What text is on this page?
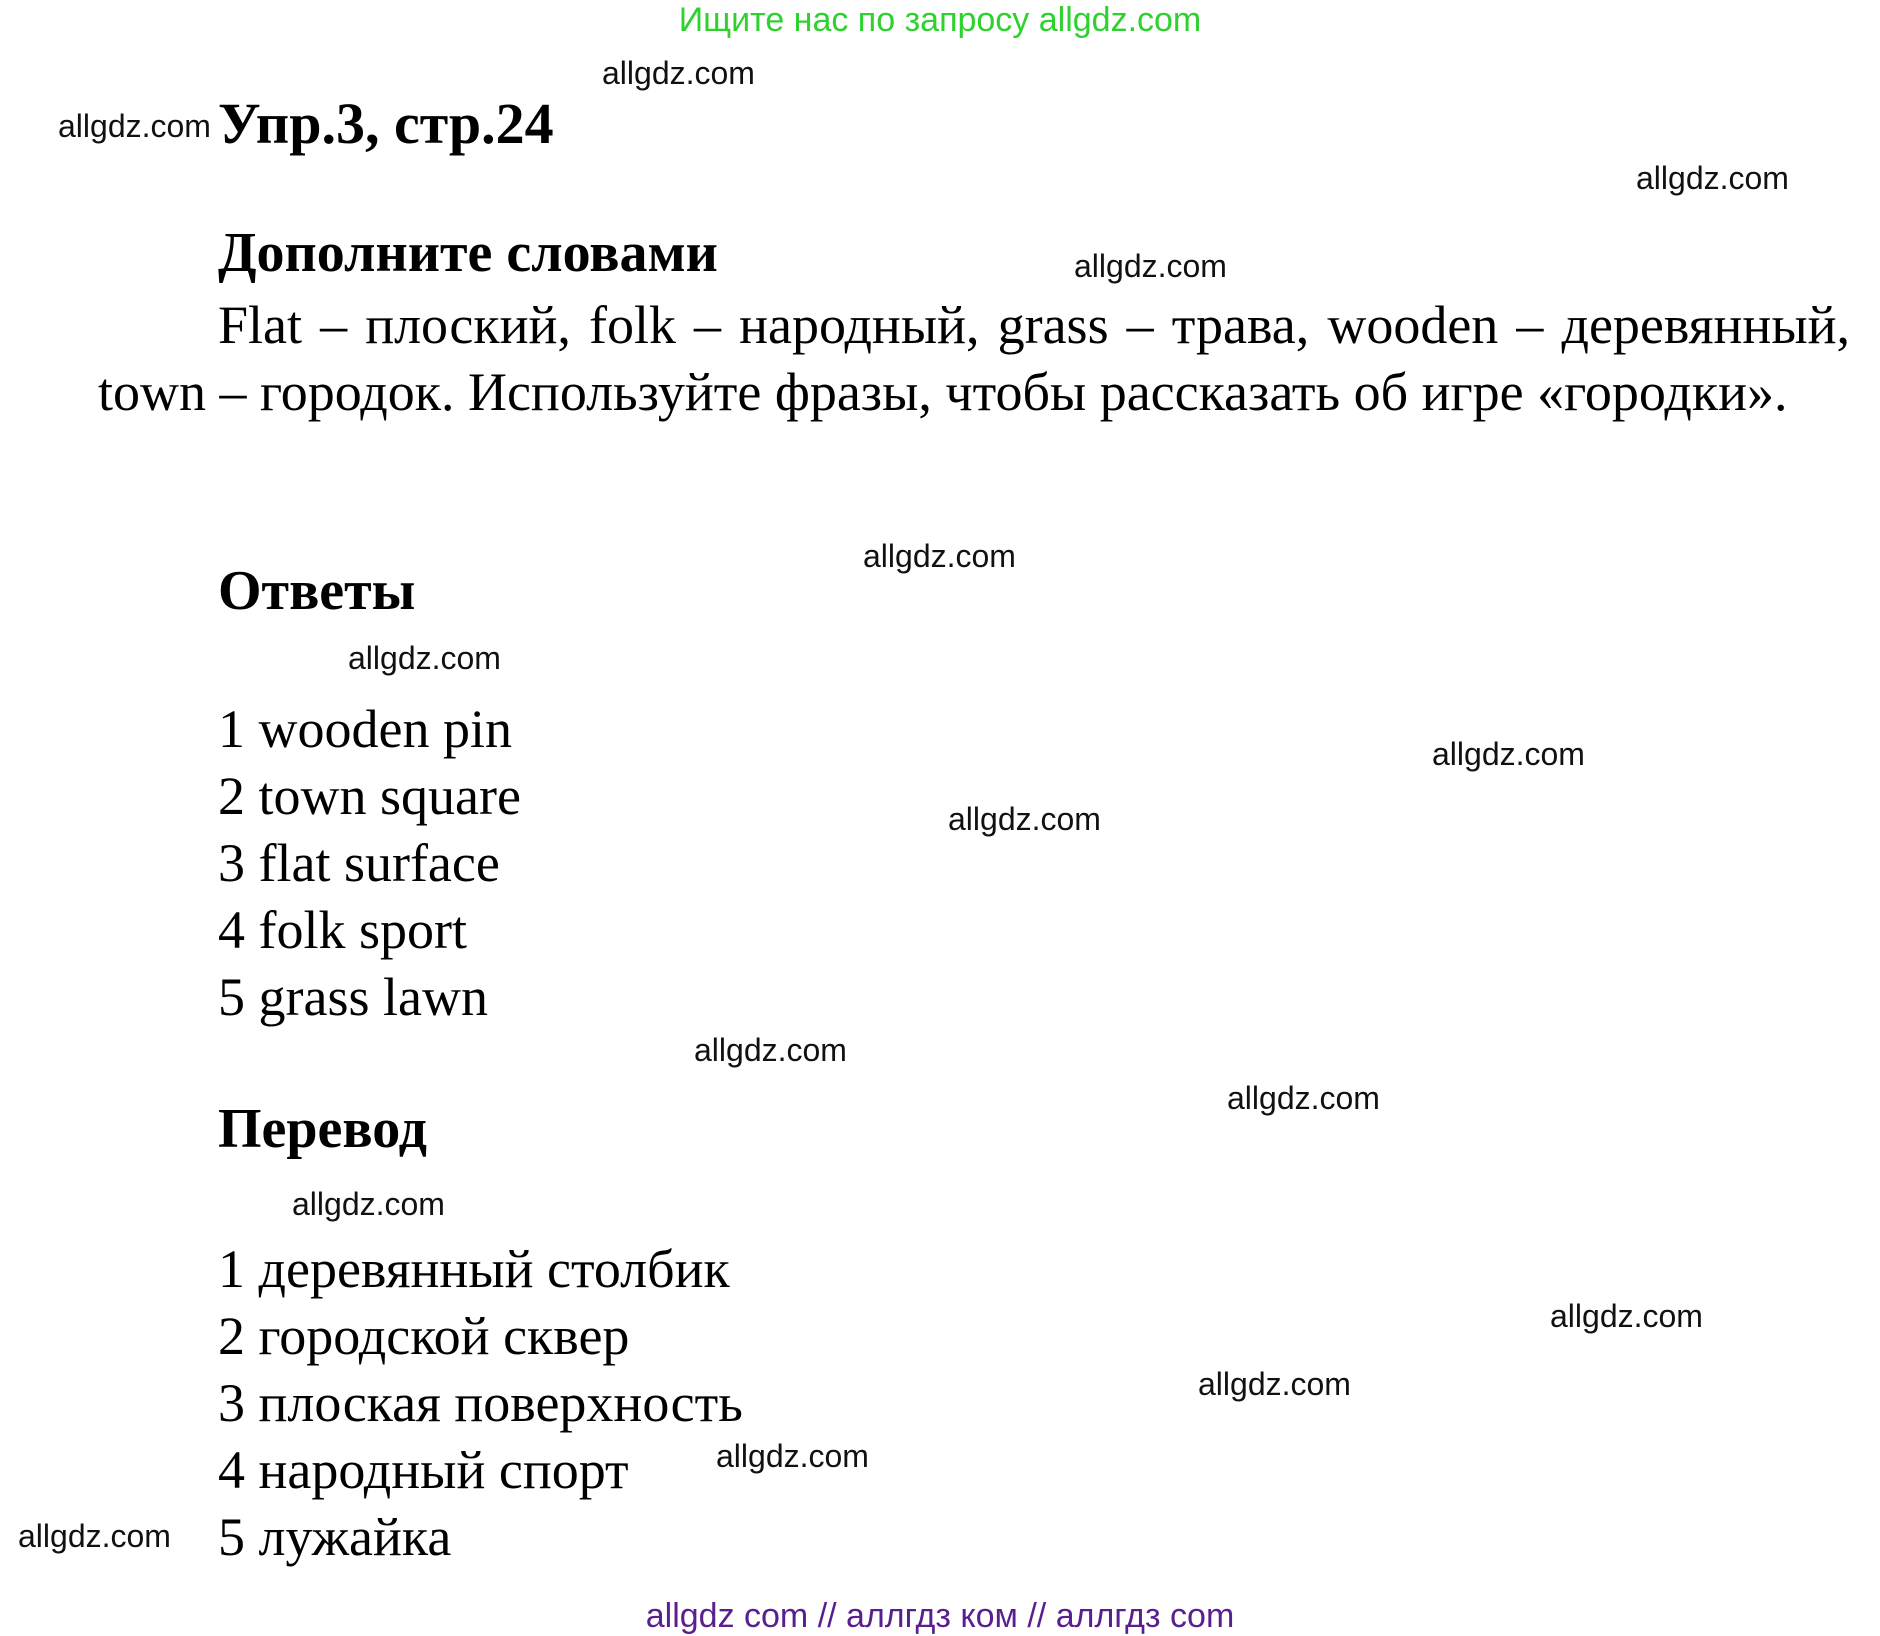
Ищите нас по запросу allgdz.com
allgdz.com
allgdz.com
allgdz.com
allgdz.com
allgdz.com
allgdz.com
allgdz.com
allgdz.com
allgdz.com
allgdz.com
allgdz.com
allgdz.com
allgdz.com
allgdz.com
allgdz.com
Упр.3, стр.24
Дополните словами

Flat – плоский, folk – народный, grass – трава, wooden – деревянный, town – городок. Используйте фразы, чтобы рассказать об игре «городки».

Ответы
1 wooden pin
2 town square
3 flat surface
4 folk sport
5 grass lawn
Перевод
1 деревянный столбик
2 городской сквер
3 плоская поверхность
4 народный спорт
5 лужайка
allgdz com // аллгдз ком // аллгдз com
